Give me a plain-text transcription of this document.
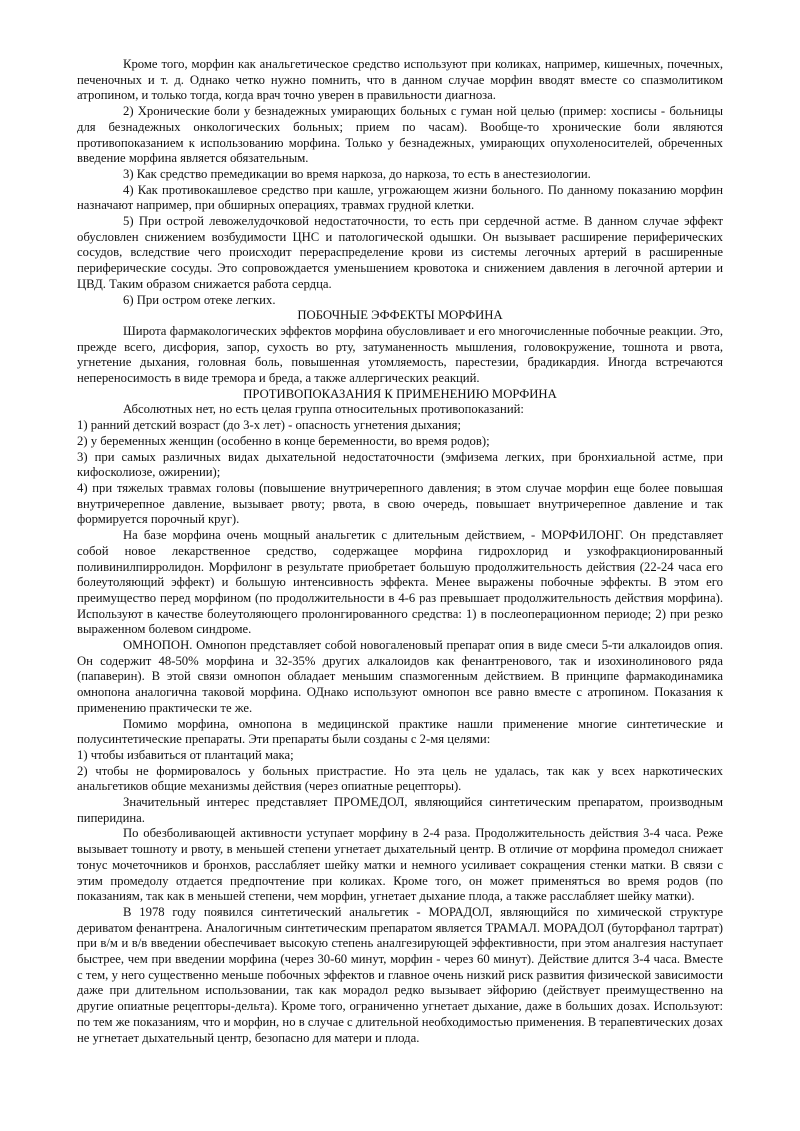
Кроме того, морфин как анальгетическое средство используют при коликах, например, кишечных, почечных, печеночных и т. д. Однако четко нужно помнить, что в данном случае морфин вводят вместе со спазмолитиком атропином, и только тогда, когда врач точно уверен в правильности диагноза.
2) Хронические боли у безнадежных умирающих больных с гуман ной целью (пример: хосписы - больницы для безнадежных онкологических больных; прием по часам). Вообще-то хронические боли являются противопоказанием к использованию морфина. Только у безнадежных, умирающих опухоленосителей, обреченных введение морфина является обязательным.
3) Как средство премедикации во время наркоза, до наркоза, то есть в анестезиологии.
4) Как противокашлевое средство при кашле, угрожающем жизни больного. По данному показанию морфин назначают например, при обширных операциях, травмах грудной клетки.
5) При острой левожелудочковой недостаточности, то есть при сердечной астме. В данном случае эффект обусловлен снижением возбудимости ЦНС и патологической одышки. Он вызывает расширение периферических сосудов, вследствие чего происходит перераспределение крови из системы легочных артерий в расширенные периферические сосуды. Это сопровождается уменьшением кровотока и снижением давления в легочной артерии и ЦВД. Таким образом снижается работа сердца.
6) При остром отеке легких.
ПОБОЧНЫЕ ЭФФЕКТЫ МОРФИНА
Широта фармакологических эффектов морфина обусловливает и его многочисленные побочные реакции. Это, прежде всего, дисфория, запор, сухость во рту, затуманенность мышления, головокружение, тошнота и рвота, угнетение дыхания, головная боль, повышенная утомляемость, парестезии, брадикардия. Иногда встречаются непереносимость в виде тремора и бреда, а также аллергических реакций.
ПРОТИВОПОКАЗАНИЯ К ПРИМЕНЕНИЮ МОРФИНА
Абсолютных нет, но есть целая группа относительных противопоказаний:
1) ранний детский возраст (до 3-х лет) - опасность угнетения дыхания;
2) у беременных женщин (особенно в конце беременности, во время родов);
3) при самых различных видах дыхательной недостаточности (эмфизема легких, при бронхиальной астме, при кифосколиозе, ожирении);
4) при тяжелых травмах головы (повышение внутричерепного давления; в этом случае морфин еще более повышая внутричерепное давление, вызывает рвоту; рвота, в свою очередь, повышает внутричерепное давление и так формируется порочный круг).
На базе морфина очень мощный анальгетик с длительным действием, - МОРФИЛОНГ. Он представляет собой новое лекарственное средство, содержащее морфина гидрохлорид и узкофракционированный поливинилпирролидон. Морфилонг в результате приобретает большую продолжительность действия (22-24 часа его болеутоляющий эффект) и большую интенсивность эффекта. Менее выражены побочные эффекты. В этом его преимущество перед морфином (по продолжительности в 4-6 раз превышает продолжительность действия морфина). Используют в качестве болеутоляющего пролонгированного средства: 1) в послеоперационном периоде; 2) при резко выраженном болевом синдроме.
ОМНОПОН. Омнопон представляет собой новогаленовый препарат опия в виде смеси 5-ти алкалоидов опия. Он содержит 48-50% морфина и 32-35% других алкалоидов как фенантренового, так и изохинолинового ряда (папаверин). В этой связи омнопон обладает меньшим спазмогенным действием. В принципе фармакодинамика омнопона аналогична таковой морфина. ОДнако используют омнопон все равно вместе с атропином. Показания к применению практически те же.
Помимо морфина, омнопона в медицинской практике нашли применение многие синтетические и полусинтетические препараты. Эти препараты были созданы с 2-мя целями:
1) чтобы избавиться от плантаций мака;
2) чтобы не формировалось у больных пристрастие. Но эта цель не удалась, так как у всех наркотических анальгетиков общие механизмы действия (через опиатные рецепторы).
Значительный интерес представляет ПРОМЕДОЛ, являющийся синтетическим препаратом, производным пиперидина.
По обезболивающей активности уступает морфину в 2-4 раза. Продолжительность действия 3-4 часа. Реже вызывает тошноту и рвоту, в меньшей степени угнетает дыхательный центр. В отличие от морфина промедол снижает тонус мочеточников и бронхов, расслабляет шейку матки и немного усиливает сокращения стенки матки. В связи с этим промедолу отдается предпочтение при коликах. Кроме того, он может применяться во время родов (по показаниям, так как в меньшей степени, чем морфин, угнетает дыхание плода, а также расслабляет шейку матки).
В 1978 году появился синтетический анальгетик - МОРАДОЛ, являющийся по химической структуре дериватом фенантрена. Аналогичным синтетическим препаратом является ТРАМАЛ. МОРАДОЛ (буторфанол тартрат) при в/м и в/в введении обеспечивает высокую степень аналгезирующей эффективности, при этом аналгезия наступает быстрее, чем при введении морфина (через 30-60 минут, морфин - через 60 минут). Действие длится 3-4 часа. Вместе с тем, у него существенно меньше побочных эффектов и главное очень низкий риск развития физической зависимости даже при длительном использовании, так как морадол редко вызывает эйфорию (действует преимущественно на другие опиатные рецепторы-дельта). Кроме того, ограниченно угнетает дыхание, даже в больших дозах. Используют: по тем же показаниям, что и морфин, но в случае с длительной необходимостью применения. В терапевтических дозах не угнетает дыхательный центр, безопасно для матери и плода.
